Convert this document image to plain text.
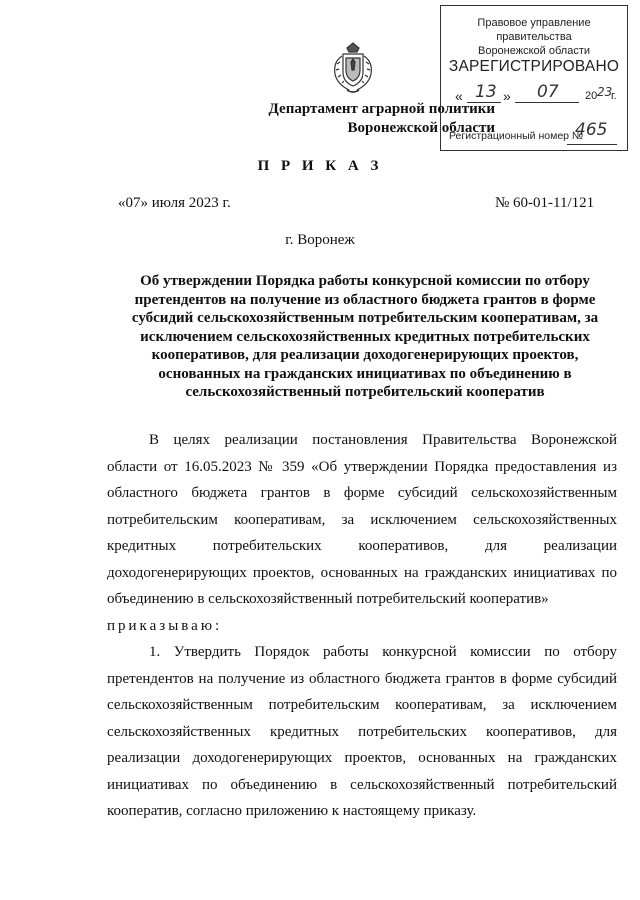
Департамент аграрной политики
Воронежской области
Правовое управление правительства
Воронежской области
ЗАРЕГИСТРИРОВАНО
« 13 » 07 20 23
г.
Регистрационный номер №
465
П Р И К А З
«07» июля 2023 г.	№ 60-01-11/121
г. Воронеж
Об утверждении Порядка работы конкурсной комиссии по отбору претендентов на получение из областного бюджета грантов в форме субсидий сельскохозяйственным потребительским кооперативам, за исключением сельскохозяйственных кредитных потребительских кооперативов, для реализации доходогенерирующих проектов, основанных на гражданских инициативах по объединению в сельскохозяйственный потребительский кооператив

В целях реализации постановления Правительства Воронежской области от 16.05.2023 № 359 «Об утверждении Порядка предоставления из областного бюджета грантов в форме субсидий сельскохозяйственным потребительским кооперативам, за исключением сельскохозяйственных кредитных потребительских кооперативов, для реализации доходогенерирующих проектов, основанных на гражданских инициативах по объединению в сельскохозяйственный потребительский кооператив»

приказываю:

1. Утвердить Порядок работы конкурсной комиссии по отбору претендентов на получение из областного бюджета грантов в форме субсидий сельскохозяйственным потребительским кооперативам, за исключением сельскохозяйственных кредитных потребительских кооперативов, для реализации доходогенерирующих проектов, основанных на гражданских инициативах по объединению в сельскохозяйственный потребительский кооператив, согласно приложению к настоящему приказу.
